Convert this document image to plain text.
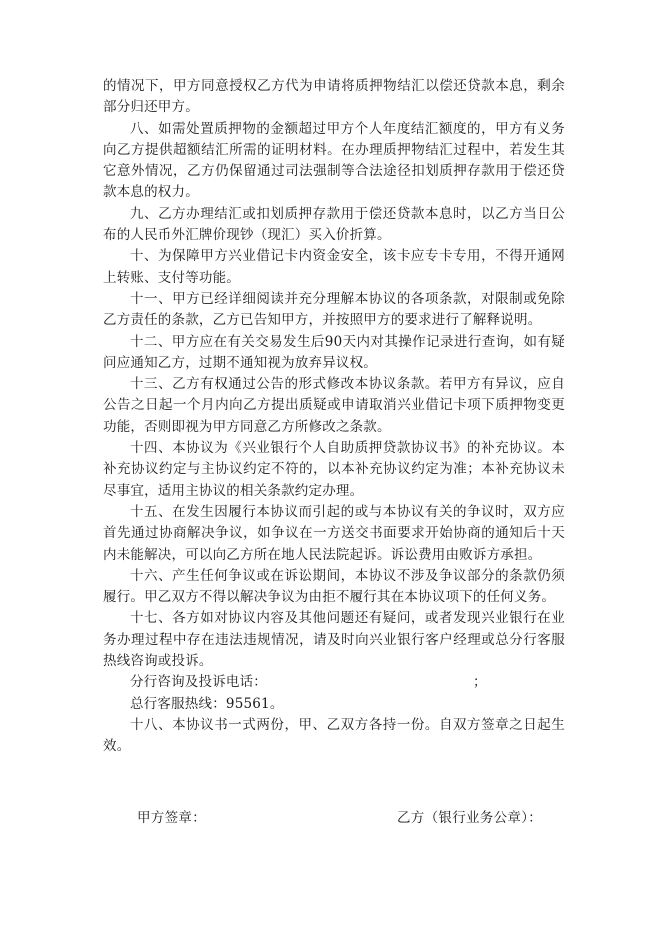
的情况下，甲方同意授权乙方代为申请将质押物结汇以偿还贷款本息，剩余部分归还甲方。

八、如需处置质押物的金额超过甲方个人年度结汇额度的，甲方有义务向乙方提供超额结汇所需的证明材料。在办理质押物结汇过程中，若发生其它意外情况，乙方仍保留通过司法强制等合法途径扣划质押存款用于偿还贷款本息的权力。

九、乙方办理结汇或扣划质押存款用于偿还贷款本息时，以乙方当日公布的人民币外汇牌价现钞（现汇）买入价折算。

十、为保障甲方兴业借记卡内资金安全，该卡应专卡专用，不得开通网上转账、支付等功能。

十一、甲方已经详细阅读并充分理解本协议的各项条款，对限制或免除乙方责任的条款，乙方已告知甲方，并按照甲方的要求进行了解释说明。

十二、甲方应在有关交易发生后90天内对其操作记录进行查询，如有疑问应通知乙方，过期不通知视为放弃异议权。

十三、乙方有权通过公告的形式修改本协议条款。若甲方有异议，应自公告之日起一个月内向乙方提出质疑或申请取消兴业借记卡项下质押物变更功能，否则即视为甲方同意乙方所修改之条款。

十四、本协议为《兴业银行个人自助质押贷款协议书》的补充协议。本补充协议约定与主协议约定不符的，以本补充协议约定为准；本补充协议未尽事宜，适用主协议的相关条款约定办理。

十五、在发生因履行本协议而引起的或与本协议有关的争议时，双方应首先通过协商解决争议，如争议在一方送交书面要求开始协商的通知后十天内未能解决，可以向乙方所在地人民法院起诉。诉讼费用由败诉方承担。

十六、产生任何争议或在诉讼期间，本协议不涉及争议部分的条款仍须履行。甲乙双方不得以解决争议为由拒不履行其在本协议项下的任何义务。

十七、各方如对协议内容及其他问题还有疑问，或者发现兴业银行在业务办理过程中存在违法违规情况，请及时向兴业银行客户经理或总分行客服热线咨询或投诉。

分行咨询及投诉电话：	；

总行客服热线：95561。

十八、本协议书一式两份，甲、乙双方各持一份。自双方签章之日起生效。

甲方签章：	乙方（银行业务公章）：
